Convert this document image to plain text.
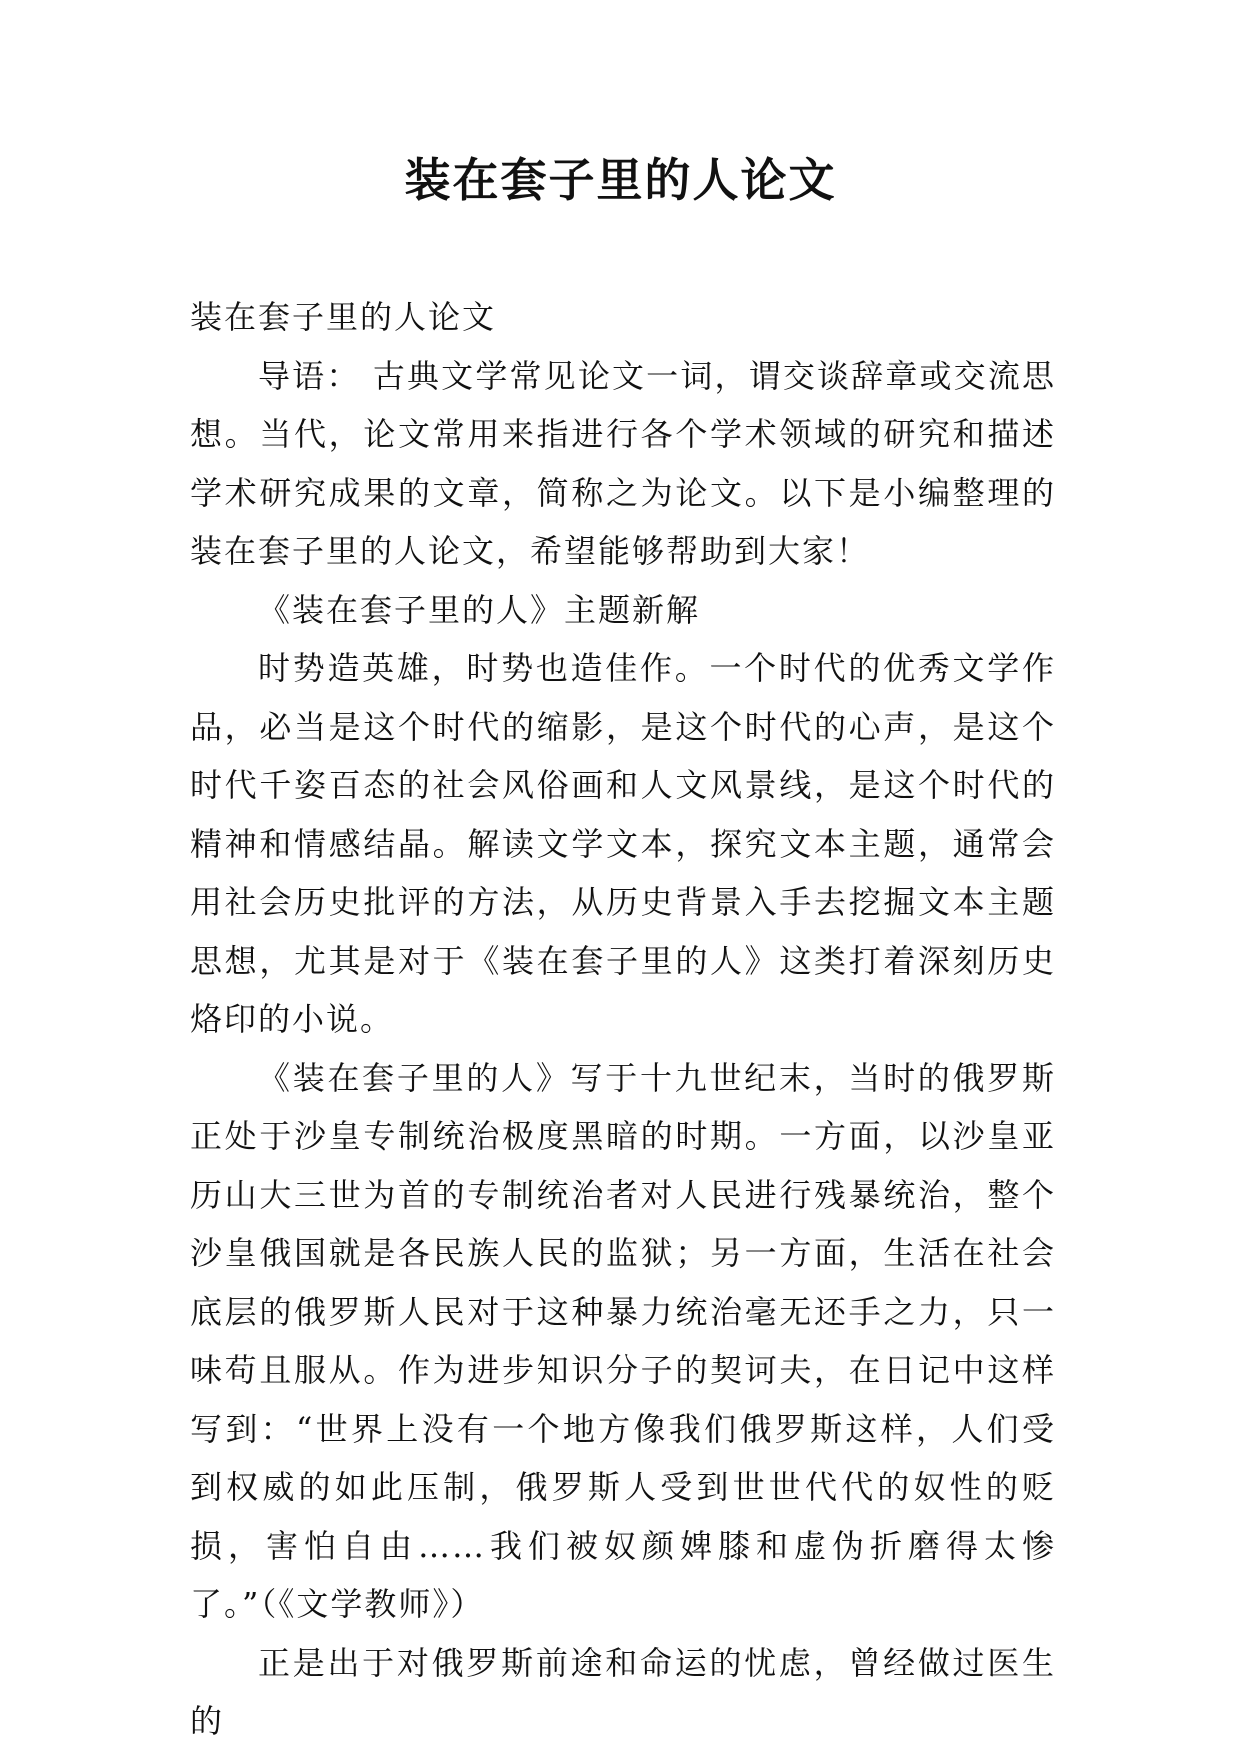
装在套子里的人论文

装在套子里的人论文

导语： 古典文学常见论文一词，谓交谈辞章或交流思想。当代，论文常用来指进行各个学术领域的研究和描述学术研究成果的文章，简称之为论文。以下是小编整理的装在套子里的人论文，希望能够帮助到大家！

《装在套子里的人》主题新解

时势造英雄，时势也造佳作。一个时代的优秀文学作品，必当是这个时代的缩影，是这个时代的心声，是这个时代千姿百态的社会风俗画和人文风景线，是这个时代的精神和情感结晶。解读文学文本，探究文本主题，通常会用社会历史批评的方法，从历史背景入手去挖掘文本主题思想，尤其是对于《装在套子里的人》这类打着深刻历史烙印的小说。

《装在套子里的人》写于十九世纪末，当时的俄罗斯正处于沙皇专制统治极度黑暗的时期。一方面，以沙皇亚历山大三世为首的专制统治者对人民进行残暴统治，整个沙皇俄国就是各民族人民的监狱；另一方面，生活在社会底层的俄罗斯人民对于这种暴力统治毫无还手之力，只一味苟且服从。作为进步知识分子的契诃夫，在日记中这样写到：“世界上没有一个地方像我们俄罗斯这样，人们受到权威的如此压制，俄罗斯人受到世世代代的奴性的贬损，害怕自由……我们被奴颜婢膝和虚伪折磨得太惨了。”（《文学教师》）

正是出于对俄罗斯前途和命运的忧虑，曾经做过医生的
